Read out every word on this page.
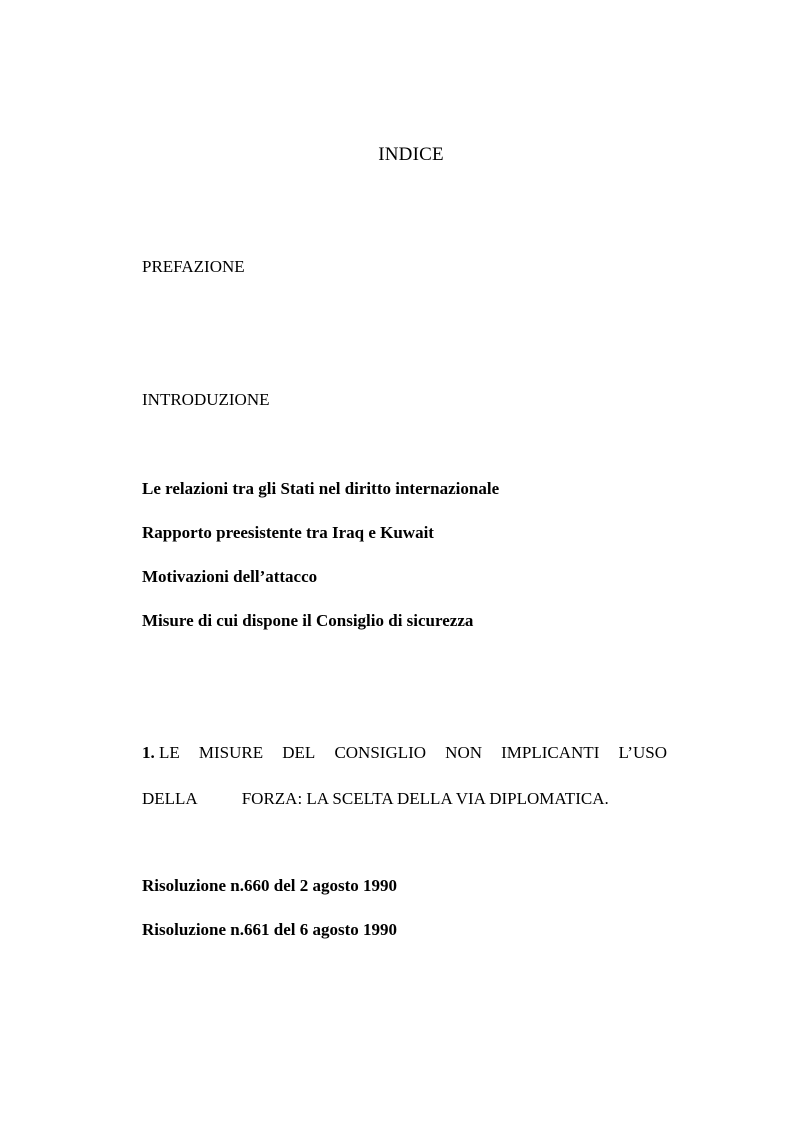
INDICE
PREFAZIONE
INTRODUZIONE
Le relazioni tra gli Stati nel diritto internazionale
Rapporto preesistente tra Iraq e Kuwait
Motivazioni dell’attacco
Misure di cui dispone il Consiglio di sicurezza
1. LE MISURE DEL CONSIGLIO NON IMPLICANTI L’USO
DELLA	FORZA: LA SCELTA DELLA VIA DIPLOMATICA.
Risoluzione n.660 del 2 agosto 1990
Risoluzione n.661 del 6 agosto 1990
